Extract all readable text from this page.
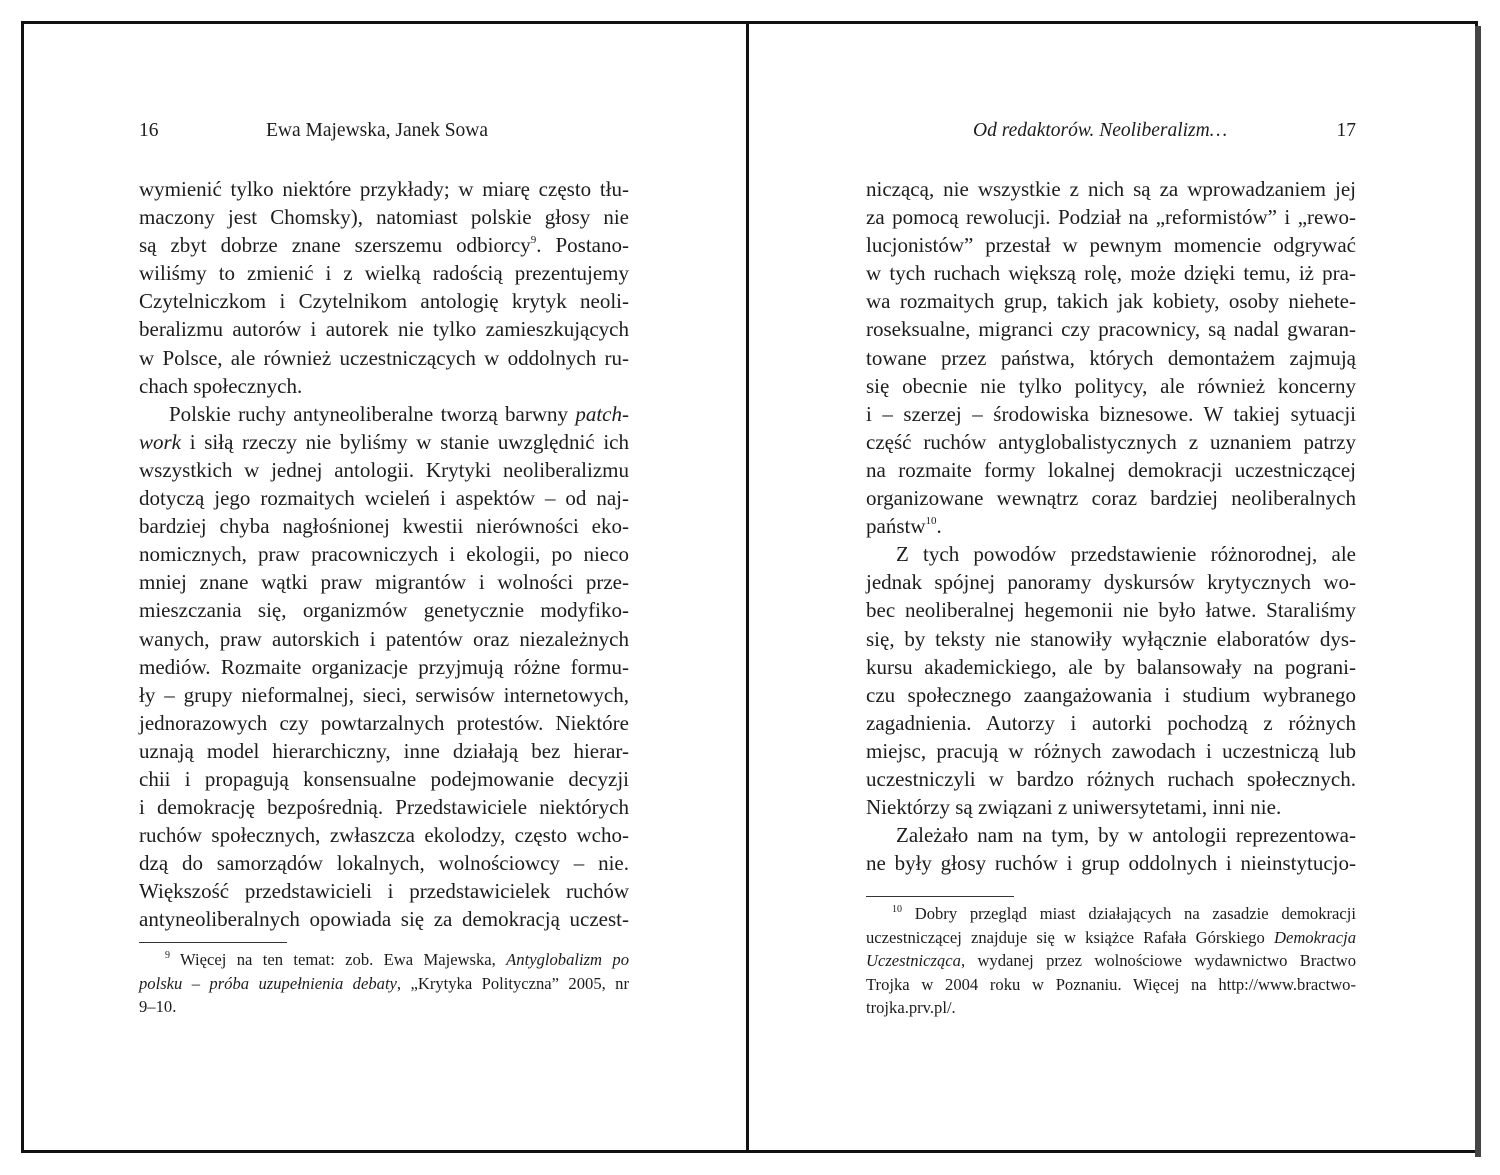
16	Ewa Majewska, Janek Sowa
wymienić tylko niektóre przykłady; w miarę często tłu-
maczony jest Chomsky), natomiast polskie głosy nie
są zbyt dobrze znane szerszemu odbiorcy$^9$. Postano-
wiliśmy to zmienić i z wielką radością prezentujemy
Czytelniczkom i Czytelnikom antologię krytyk neoli-
beralizmu autorów i autorek nie tylko zamieszkujących
w Polsce, ale również uczestniczących w oddolnych ru-
chach społecznych.
Polskie ruchy antyneoliberalne tworzą barwny patch-
work i siłą rzeczy nie byliśmy w stanie uwzględnić ich
wszystkich w jednej antologii. Krytyki neoliberalizmu
dotyczą jego rozmaitych wcieleń i aspektów – od naj-
bardziej chyba nagłośnionej kwestii nierówności eko-
nomicznych, praw pracowniczych i ekologii, po nieco
mniej znane wątki praw migrantów i wolności prze-
mieszczania się, organizmów genetycznie modyfiko-
wanych, praw autorskich i patentów oraz niezależnych
mediów. Rozmaite organizacje przyjmują różne formu-
ły – grupy nieformalnej, sieci, serwisów internetowych,
jednorazowych czy powtarzalnych protestów. Niektóre
uznają model hierarchiczny, inne działają bez hierar-
chii i propagują konsensualne podejmowanie decyzji
i demokrację bezpośrednią. Przedstawiciele niektórych
ruchów społecznych, zwłaszcza ekolodzy, często wcho-
dzą do samorządów lokalnych, wolnościowcy – nie.
Większość przedstawicieli i przedstawicielek ruchów
antyneoliberalnych opowiada się za demokracją uczest-
$^9$ Więcej na ten temat: zob. Ewa Majewska, Antyglobalizm po
polsku – próba uzupełnienia debaty, „Krytyka Polityczna” 2005, nr
9–10.
Od redaktorów. Neoliberalizm…	17
niczącą, nie wszystkie z nich są za wprowadzaniem jej
za pomocą rewolucji. Podział na „reformistów” i „rewo-
lucjonistów” przestał w pewnym momencie odgrywać
w tych ruchach większą rolę, może dzięki temu, iż pra-
wa rozmaitych grup, takich jak kobiety, osoby niehete-
roseksualne, migranci czy pracownicy, są nadal gwaran-
towane przez państwa, których demontażem zajmują
się obecnie nie tylko politycy, ale również koncerny
i – szerzej – środowiska biznesowe. W takiej sytuacji
część ruchów antyglobalistycznych z uznaniem patrzy
na rozmaite formy lokalnej demokracji uczestniczącej
organizowane wewnątrz coraz bardziej neoliberalnych
państw$^{10}$.
Z tych powodów przedstawienie różnorodnej, ale
jednak spójnej panoramy dyskursów krytycznych wo-
bec neoliberalnej hegemonii nie było łatwe. Staraliśmy
się, by teksty nie stanowiły wyłącznie elaboratów dys-
kursu akademickiego, ale by balansowały na pograni-
czu społecznego zaangażowania i studium wybranego
zagadnienia. Autorzy i autorki pochodzą z różnych
miejsc, pracują w różnych zawodach i uczestniczą lub
uczestniczyli w bardzo różnych ruchach społecznych.
Niektórzy są związani z uniwersytetami, inni nie.
Zależało nam na tym, by w antologii reprezentowa-
ne były głosy ruchów i grup oddolnych i nieinstytucjo-
$^{10}$ Dobry przegląd miast działających na zasadzie demokracji
uczestniczącej znajduje się w książce Rafała Górskiego Demokracja
Uczestnicząca, wydanej przez wolnościowe wydawnictwo Bractwo
Trojka w 2004 roku w Poznaniu. Więcej na http://www.bractwo-
trojka.prv.pl/.
